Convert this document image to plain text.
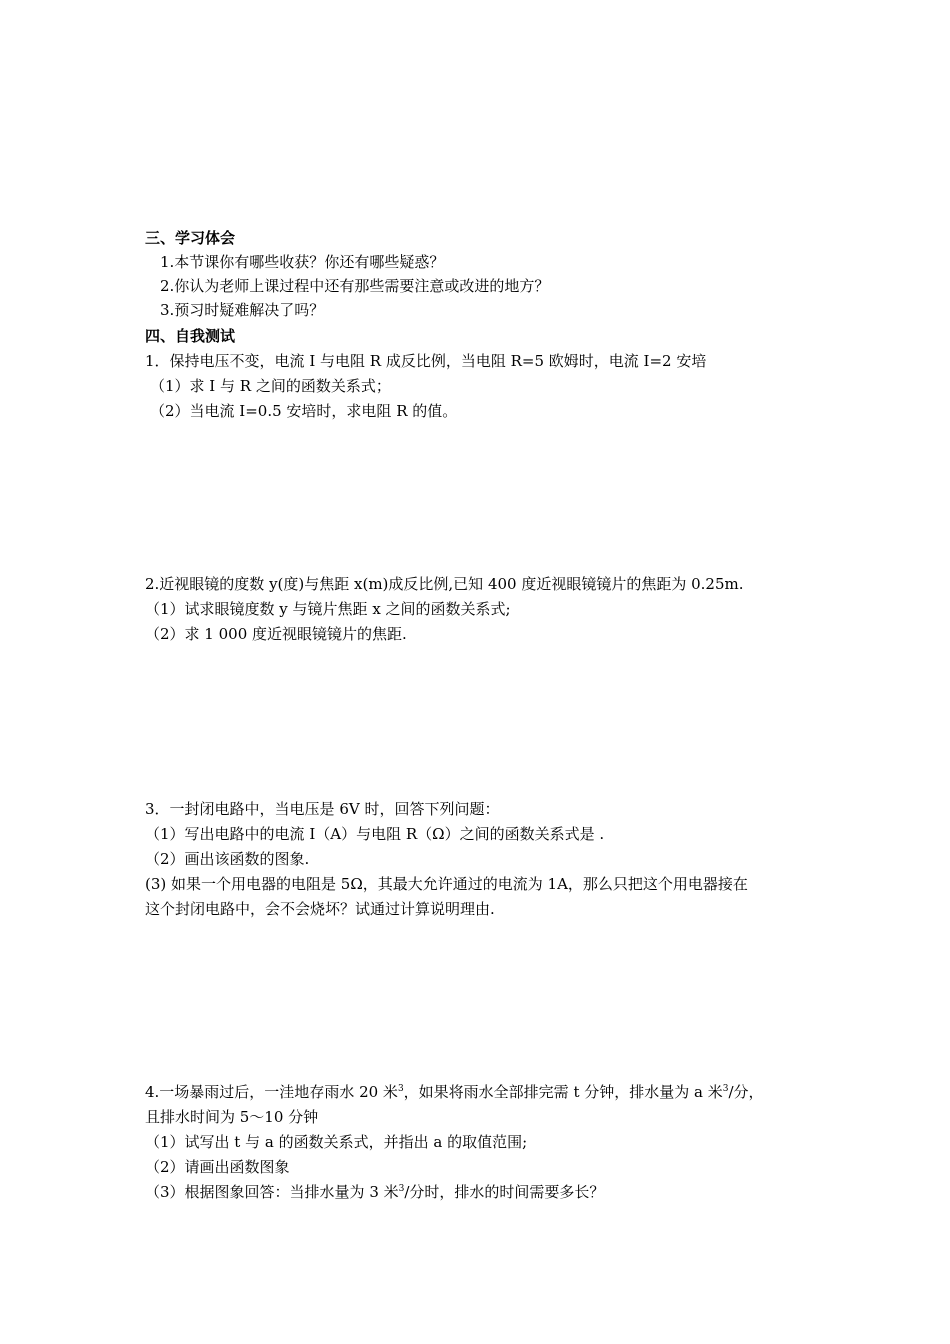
三、学习体会
1.本节课你有哪些收获？你还有哪些疑惑？
2.你认为老师上课过程中还有那些需要注意或改进的地方？
3.预习时疑难解决了吗？
四、自我测试
1．保持电压不变，电流 I 与电阻 R 成反比例，当电阻 R=5 欧姆时，电流 I=2 安培
（1）求 I 与 R 之间的函数关系式；
（2）当电流 I=0.5 安培时，求电阻 R 的值。
2.近视眼镜的度数 y(度)与焦距 x(m)成反比例,已知 400 度近视眼镜镜片的焦距为 0.25m.
（1）试求眼镜度数 y 与镜片焦距 x 之间的函数关系式;
（2）求 1 000 度近视眼镜镜片的焦距.
3．一封闭电路中，当电压是 6V 时，回答下列问题：
（1）写出电路中的电流 I（A）与电阻 R（Ω）之间的函数关系式是 .
（2）画出该函数的图象.
(3) 如果一个用电器的电阻是 5Ω，其最大允许通过的电流为 1A，那么只把这个用电器接在
这个封闭电路中，会不会烧坏？试通过计算说明理由.
4.一场暴雨过后，一洼地存雨水 20 米$^3$，如果将雨水全部排完需 t 分钟，排水量为 a 米$^3$/分，
且排水时间为 5～10 分钟
（1）试写出 t 与 a 的函数关系式，并指出 a 的取值范围;
（2）请画出函数图象
（3）根据图象回答：当排水量为 3 米$^3$/分时，排水的时间需要多长？
